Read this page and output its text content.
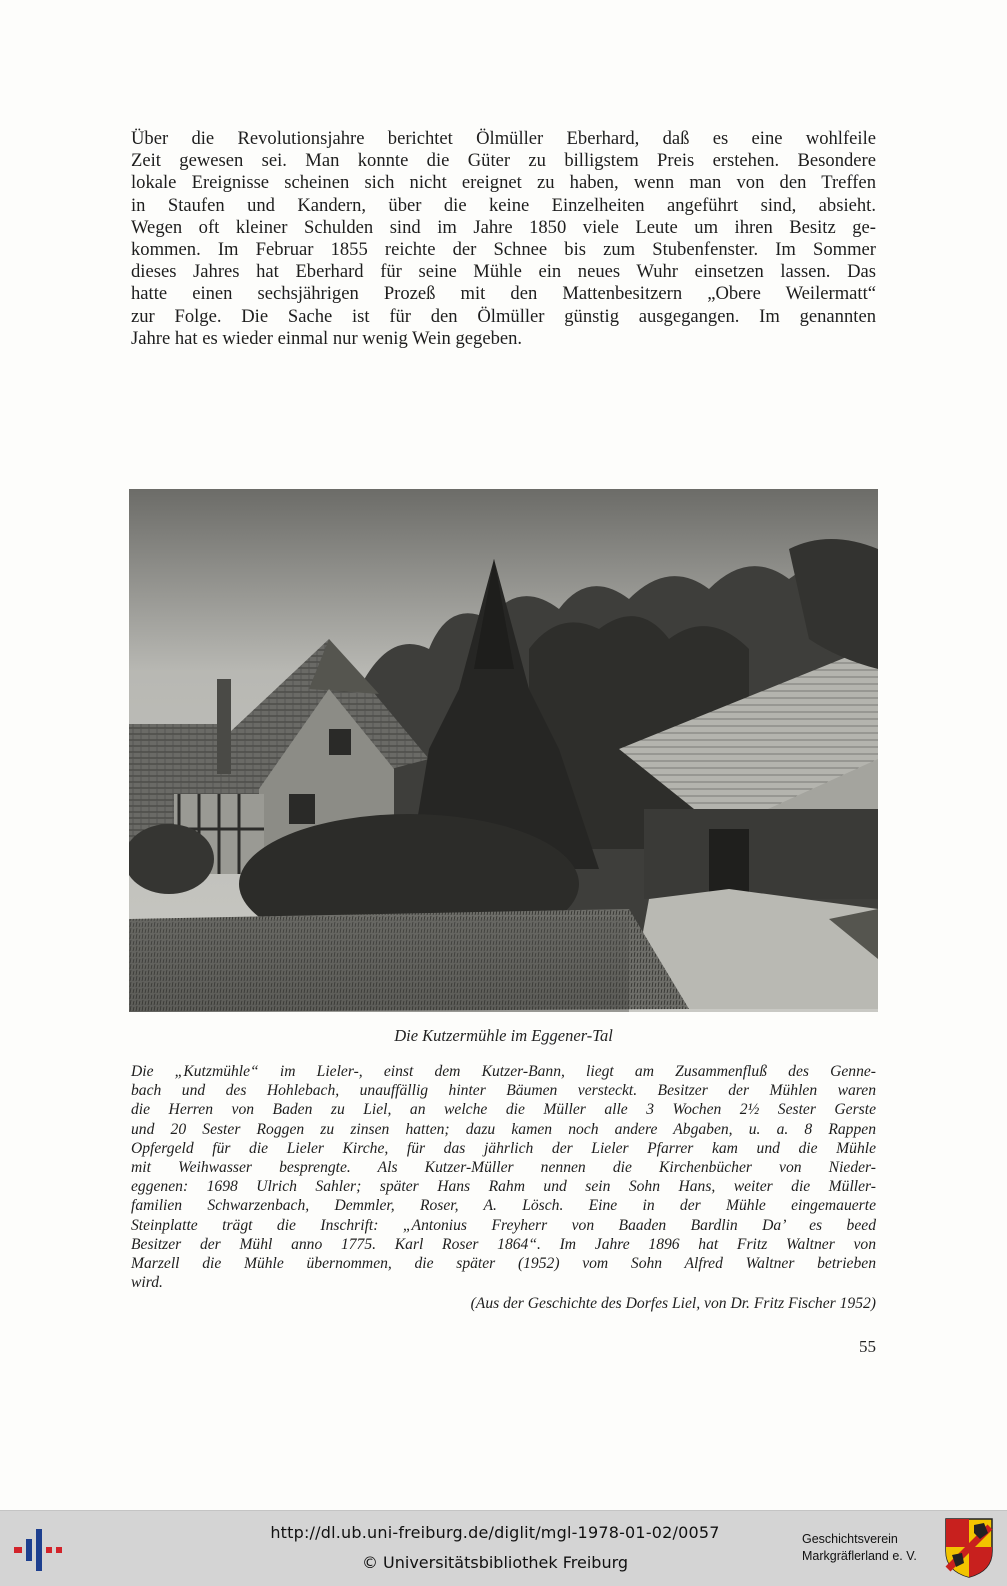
Über die Revolutionsjahre berichtet Ölmüller Eberhard, daß es eine wohlfeile

Zeit gewesen sei. Man konnte die Güter zu billigstem Preis erstehen. Besondere

lokale Ereignisse scheinen sich nicht ereignet zu haben, wenn man von den Treffen

in Staufen und Kandern, über die keine Einzelheiten angeführt sind, absieht.

Wegen oft kleiner Schulden sind im Jahre 1850 viele Leute um ihren Besitz ge-

kommen. Im Februar 1855 reichte der Schnee bis zum Stubenfenster. Im Sommer

dieses Jahres hat Eberhard für seine Mühle ein neues Wuhr einsetzen lassen. Das

hatte einen sechsjährigen Prozeß mit den Mattenbesitzern „Obere Weilermatt“

zur Folge. Die Sache ist für den Ölmüller günstig ausgegangen. Im genannten

Jahre hat es wieder einmal nur wenig Wein gegeben.

Die Kutzermühle im Eggener-Tal

Die „Kutzmühle“ im Lieler-, einst dem Kutzer-Bann, liegt am Zusammenfluß des Genne-

bach und des Hohlebach, unauffällig hinter Bäumen versteckt. Besitzer der Mühlen waren

die Herren von Baden zu Liel, an welche die Müller alle 3 Wochen 2½ Sester Gerste

und 20 Sester Roggen zu zinsen hatten; dazu kamen noch andere Abgaben, u. a. 8 Rappen

Opfergeld für die Lieler Kirche, für das jährlich der Lieler Pfarrer kam und die Mühle

mit Weihwasser besprengte. Als Kutzer-Müller nennen die Kirchenbücher von Nieder-

eggenen: 1698 Ulrich Sahler; später Hans Rahm und sein Sohn Hans, weiter die Müller-

familien Schwarzenbach, Demmler, Roser, A. Lösch. Eine in der Mühle eingemauerte

Steinplatte trägt die Inschrift: „Antonius Freyherr von Baaden Bardlin Da’ es beed

Besitzer der Mühl anno 1775. Karl Roser 1864“. Im Jahre 1896 hat Fritz Waltner von

Marzell die Mühle übernommen, die später (1952) vom Sohn Alfred Waltner betrieben

wird.

(Aus der Geschichte des Dorfes Liel, von Dr. Fritz Fischer 1952)

55

http://dl.ub.uni-freiburg.de/diglit/mgl-1978-01-02/0057
© Universitätsbibliothek Freiburg
Geschichtsverein
Markgräflerland e. V.
